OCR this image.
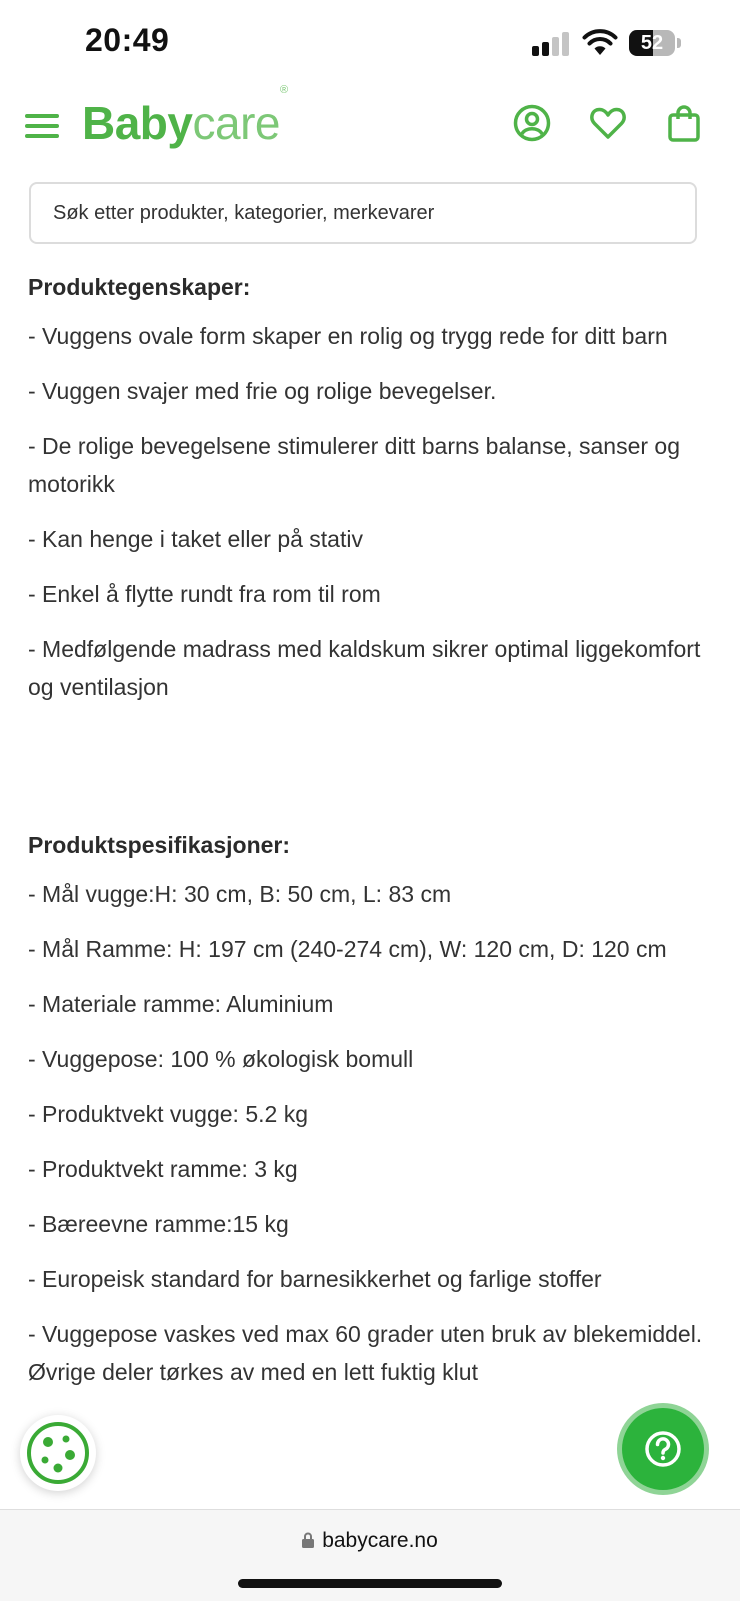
20:49	52
Babycare®
Søk etter produkter, kategorier, merkevarer
Produktegenskaper:

- Vuggens ovale form skaper en rolig og trygg rede for ditt barn

- Vuggen svajer med frie og rolige bevegelser.

- De rolige bevegelsene stimulerer ditt barns balanse, sanser og motorikk

- Kan henge i taket eller på stativ

- Enkel å flytte rundt fra rom til rom

- Medfølgende madrass med kaldskum sikrer optimal liggekomfort og ventilasjon

Produktspesifikasjoner:

- Mål vugge:H: 30 cm, B: 50 cm, L: 83 cm

- Mål Ramme: H: 197 cm (240-274 cm), W: 120 cm, D: 120 cm

- Materiale ramme: Aluminium

- Vuggepose: 100 % økologisk bomull

- Produktvekt vugge: 5.2 kg

- Produktvekt ramme: 3 kg

- Bæreevne ramme:15 kg

- Europeisk standard for barnesikkerhet og farlige stoffer

- Vuggepose vaskes ved max 60 grader uten bruk av blekemiddel. Øvrige deler tørkes av med en lett fuktig klut

babycare.no
